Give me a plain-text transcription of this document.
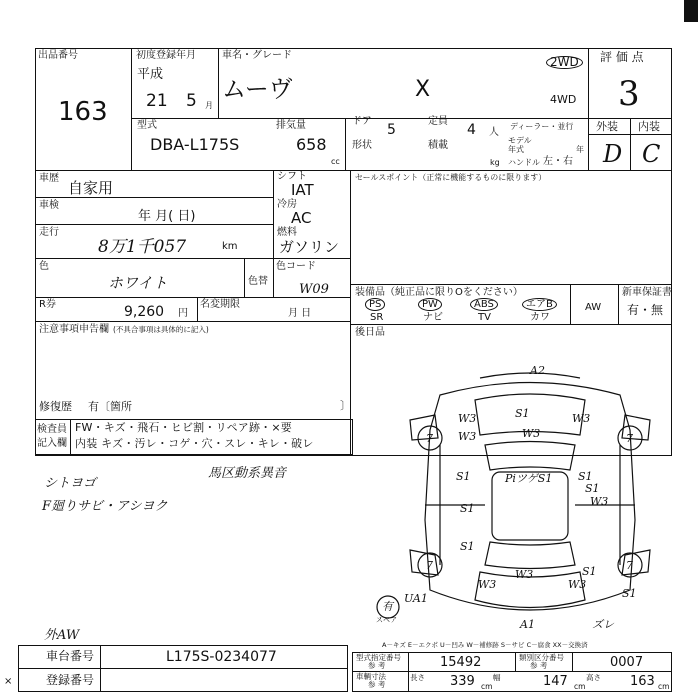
出品番号
163
初度登録年月
平成
21 5 月
車名・グレード
ムーヴ	X
2WD
4WD
評 価 点
3
外装 内装
D C
型式
DBA-L175S
排気量
658
cc
ドア
5
定員
4 人
形状	積載
kg
ディーラー・並行
モデル年式	年
ハンドル 左・右
車歴
自家用
車検
年 月( 日)
走行
8万1千057	km
シフト
IAT
冷房
AC
燃料
ガソリン
色
ホワイト	色替
色コード
W09
R券	9,260 円
名変期限
月 日
注意事項申告欄 (不具合事項は具体的に記入)
修復歴 有〔箇所	〕
セールスポイント（正常に機能するものに限ります）
装備品（純正品に限りΟをください）
PS	PW	ABS	エアB	AW
SR	ナビ	TV	カワ
新車保証書
有・無
後日品
検査員
記入欄
FW・キズ・飛石・ヒビ割・リペア跡・×要
内装 キズ・汚レ・コゲ・穴・スレ・キレ・破レ
シトヨゴ
F廻りサビ・アシヨク
馬区動系異音
外AW
A2
S1
W3
W3
W3
W3
7	7
S1	S1
S1
W3
PiツゲS1
S1
S1
7	7
W3
W3	W3
S1
S1
UA1
有
スペア	A1	ズレ
A－キズ E－エクボ U－凹み W－補修跡 S－サビ C－腐食 XX－交換済
車台番号	L175S-0234077
登録番号
×
型式指定番号
参 考	15492	類別区分番号
参 考	0007
車輌寸法
参 考
長さ 339 cm
幅	147 cm
高さ 163 cm
